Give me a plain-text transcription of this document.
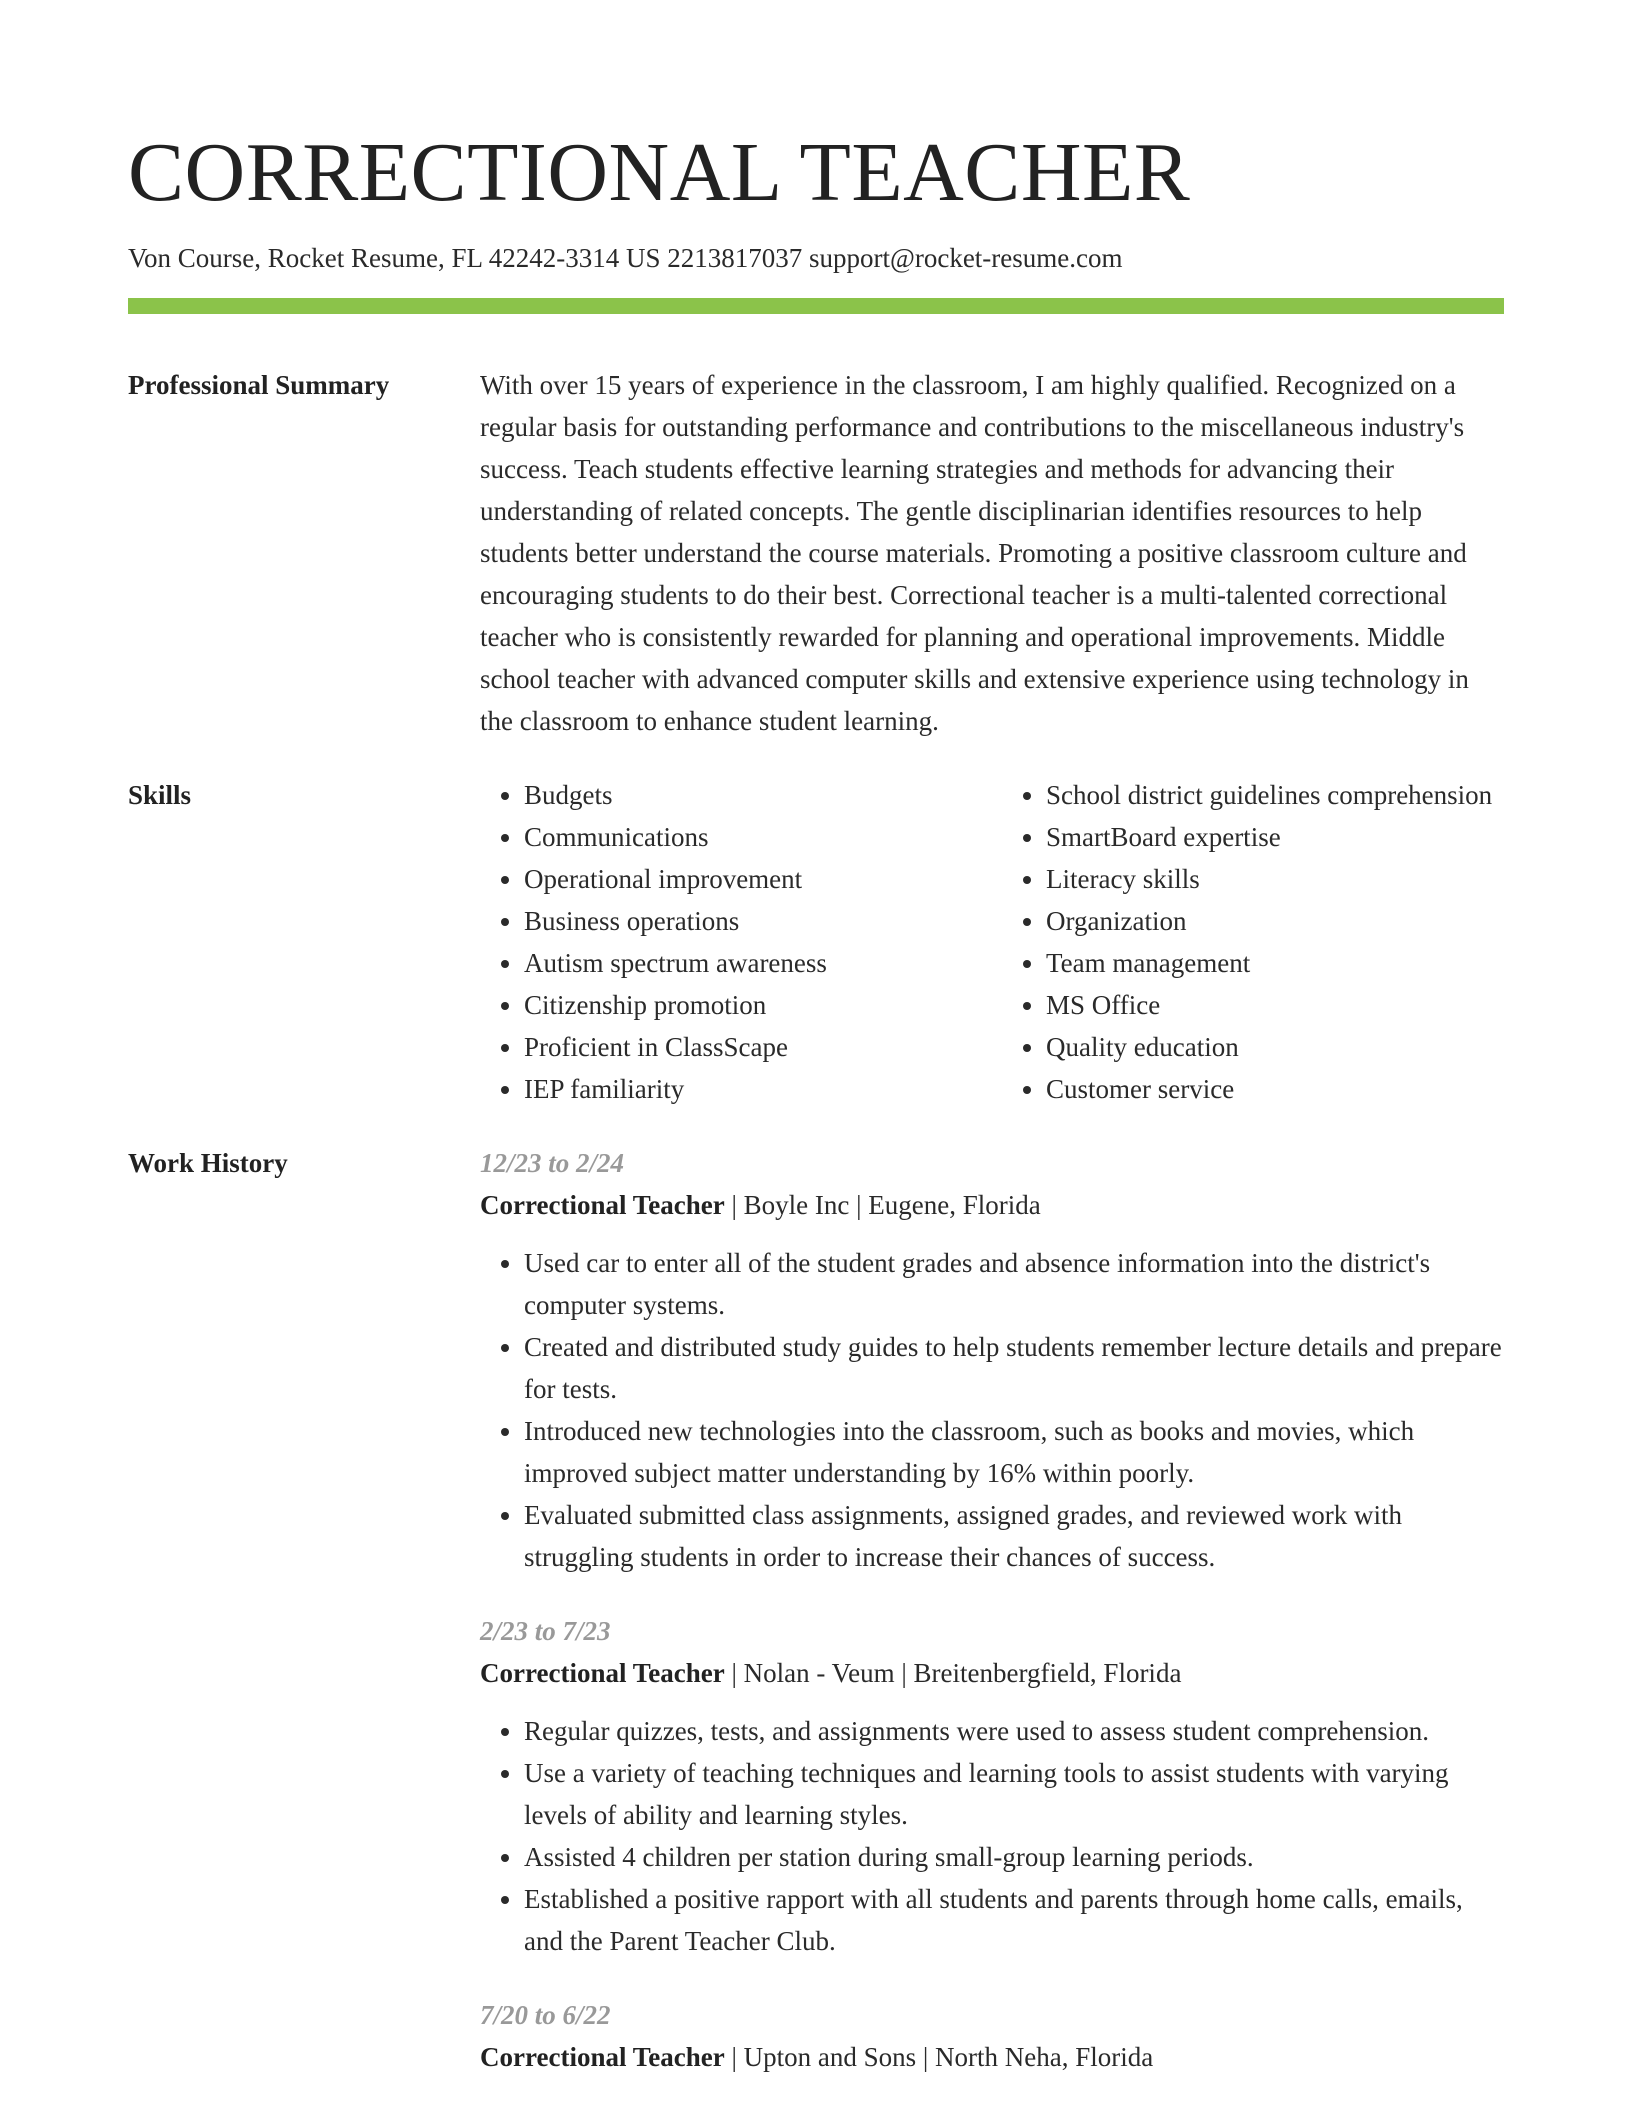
CORRECTIONAL TEACHER
Von Course, Rocket Resume, FL 42242-3314 US 2213817037 support@rocket-resume.com
Professional Summary	With over 15 years of experience in the classroom, I am highly qualified. Recognized on a regular basis for outstanding performance and contributions to the miscellaneous industry's success. Teach students effective learning strategies and methods for advancing their understanding of related concepts. The gentle disciplinarian identifies resources to help students better understand the course materials. Promoting a positive classroom culture and encouraging students to do their best. Correctional teacher is a multi-talented correctional teacher who is consistently rewarded for planning and operational improvements. Middle school teacher with advanced computer skills and extensive experience using technology in the classroom to enhance student learning.
Skills
•	Budgets
• Communications
• Operational improvement
• Business operations
• Autism spectrum awareness
• Citizenship promotion
• Proficient in ClassScape
• IEP familiarity
• School district guidelines comprehension
• SmartBoard expertise
• Literacy skills
• Organization
• Team management
• MS Office
• Quality education
• Customer service
Work History	12/23 to 2/24
Correctional Teacher | Boyle Inc | Eugene, Florida
• Used car to enter all of the student grades and absence information into the district's computer systems.
• Created and distributed study guides to help students remember lecture details and prepare for tests.
• Introduced new technologies into the classroom, such as books and movies, which improved subject matter understanding by 16% within poorly.
• Evaluated submitted class assignments, assigned grades, and reviewed work with struggling students in order to increase their chances of success.
2/23 to 7/23
Correctional Teacher | Nolan - Veum | Breitenbergfield, Florida
• Regular quizzes, tests, and assignments were used to assess student comprehension.
• Use a variety of teaching techniques and learning tools to assist students with varying levels of ability and learning styles.
• Assisted 4 children per station during small-group learning periods.
• Established a positive rapport with all students and parents through home calls, emails, and the Parent Teacher Club.
7/20 to 6/22
Correctional Teacher | Upton and Sons | North Neha, Florida
